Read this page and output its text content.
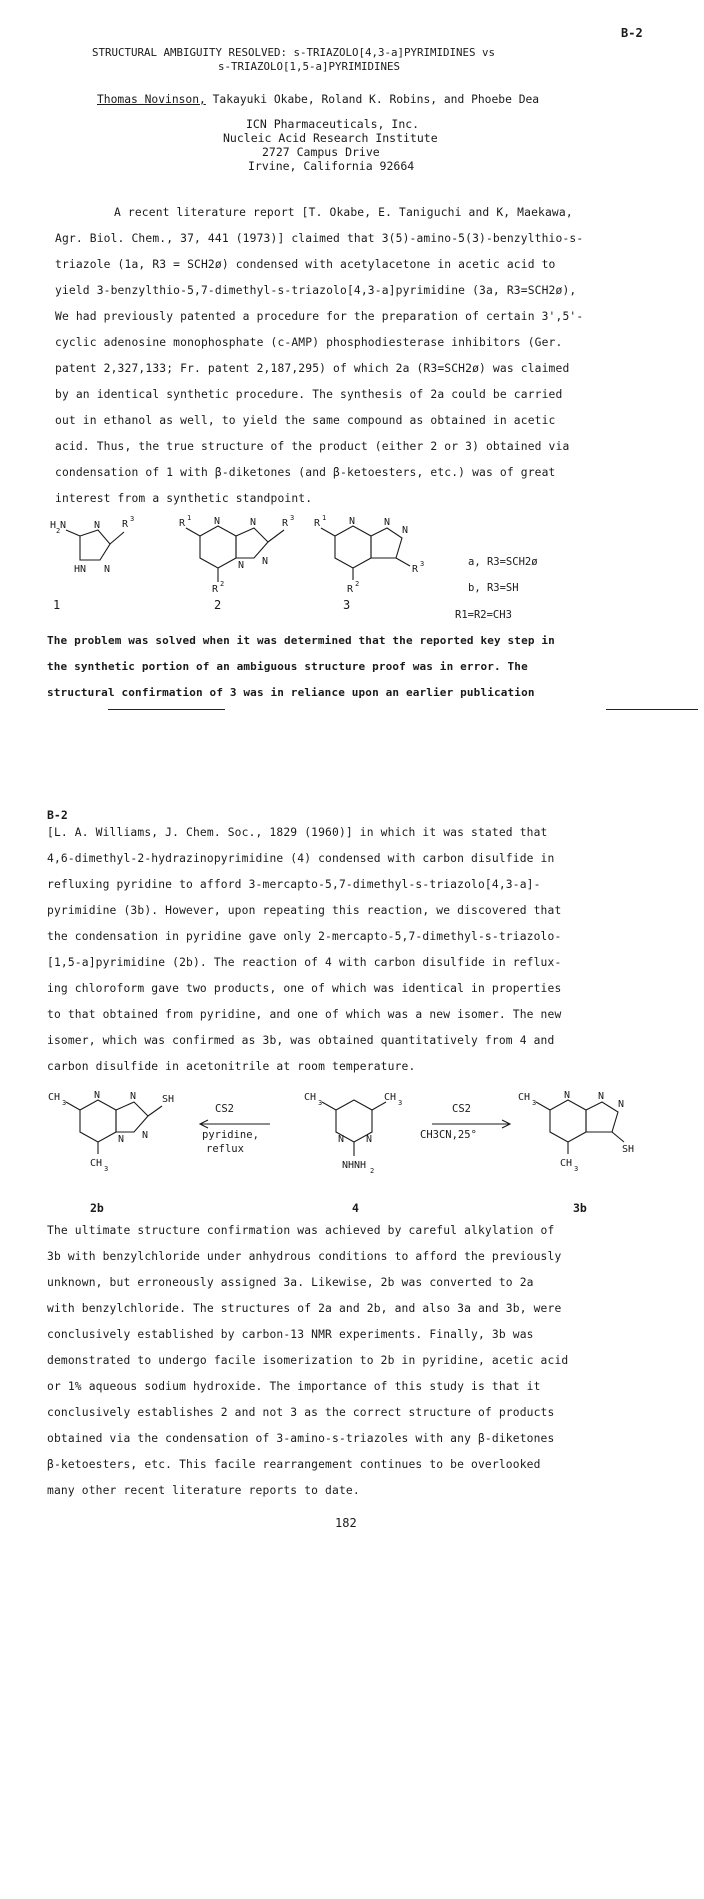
B-2
STRUCTURAL AMBIGUITY RESOLVED: s-TRIAZOLO[4,3-a]PYRIMIDINES vs
s-TRIAZOLO[1,5-a]PYRIMIDINES
Thomas Novinson, Takayuki Okabe, Roland K. Robins, and Phoebe Dea
ICN Pharmaceuticals, Inc.
Nucleic Acid Research Institute
2727 Campus Drive
Irvine, California 92664
A recent literature report [T. Okabe, E. Taniguchi and K, Maekawa,
Agr. Biol. Chem., 37, 441 (1973)] claimed that 3(5)-amino-5(3)-benzylthio-s-
triazole (1a, R3 = SCH2ø) condensed with acetylacetone in acetic acid to
yield 3-benzylthio-5,7-dimethyl-s-triazolo[4,3-a]pyrimidine (3a, R3=SCH2ø),
We had previously patented a procedure for the preparation of certain 3',5'-
cyclic adenosine monophosphate (c-AMP) phosphodiesterase inhibitors (Ger.
patent 2,327,133; Fr. patent 2,187,295) of which 2a (R3=SCH2ø) was claimed
by an identical synthetic procedure. The synthesis of 2a could be carried
out in ethanol as well, to yield the same compound as obtained in acetic
acid. Thus, the true structure of the product (either 2 or 3) obtained via
condensation of 1 with β-diketones (and β-ketoesters, etc.) was of great
interest from a synthetic standpoint.
H 2 N	N R 3
HN N
R 1 N	N	R 3
N N
R 2
R 1 N	N
N
R 3
R 2
1	2	3
a, R3=SCH2ø
b, R3=SH
R1=R2=CH3
The problem was solved when it was determined that the reported key step in
the synthetic portion of an ambiguous structure proof was in error. The
structural confirmation of 3 was in reliance upon an earlier publication
B-2
[L. A. Williams, J. Chem. Soc., 1829 (1960)] in which it was stated that
4,6-dimethyl-2-hydrazinopyrimidine (4) condensed with carbon disulfide in
refluxing pyridine to afford 3-mercapto-5,7-dimethyl-s-triazolo[4,3-a]-
pyrimidine (3b). However, upon repeating this reaction, we discovered that
the condensation in pyridine gave only 2-mercapto-5,7-dimethyl-s-triazolo-
[1,5-a]pyrimidine (2b). The reaction of 4 with carbon disulfide in reflux-
ing chloroform gave two products, one of which was identical in properties
to that obtained from pyridine, and one of which was a new isomer. The new
isomer, which was confirmed as 3b, was obtained quantitatively from 4 and
carbon disulfide in acetonitrile at room temperature.
CH 3
N	N	SH
N N
CH 3
CH 3	CH 3
N N
NHNH 2
CH 3
N	N
N
SH
CH 3
CS2
pyridine,
reflux
CS2
CH3CN,25°
2b	4	3b
The ultimate structure confirmation was achieved by careful alkylation of
3b with benzylchloride under anhydrous conditions to afford the previously
unknown, but erroneously assigned 3a. Likewise, 2b was converted to 2a
with benzylchloride. The structures of 2a and 2b, and also 3a and 3b, were
conclusively established by carbon-13 NMR experiments. Finally, 3b was
demonstrated to undergo facile isomerization to 2b in pyridine, acetic acid
or 1% aqueous sodium hydroxide. The importance of this study is that it
conclusively establishes 2 and not 3 as the correct structure of products
obtained via the condensation of 3-amino-s-triazoles with any β-diketones
β-ketoesters, etc. This facile rearrangement continues to be overlooked
many other recent literature reports to date.
182
